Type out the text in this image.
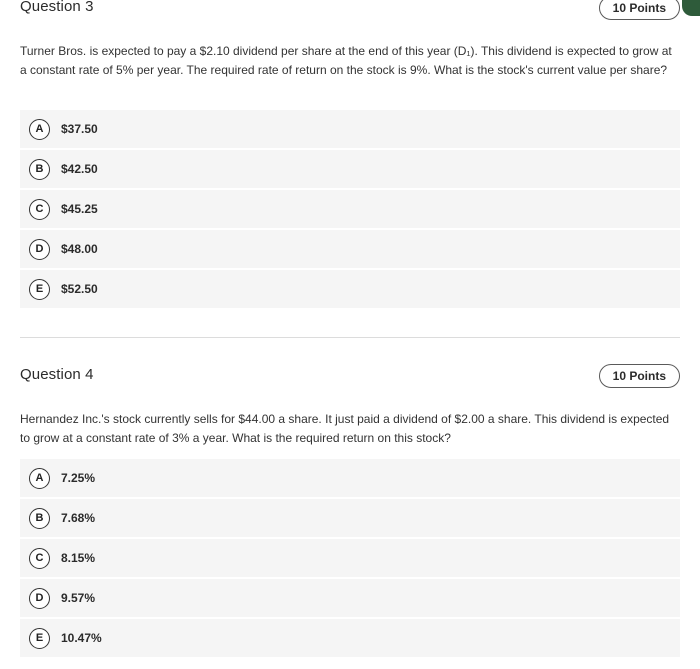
Question 3	10 Points

Turner Bros. is expected to pay a $2.10 dividend per share at the end of this year (D₁). This dividend is expected to grow at a constant rate of 5% per year. The required rate of return on the stock is 9%. What is the stock's current value per share?

A	$37.50
B	$42.50
C	$45.25
D	$48.00
E	$52.50
Question 4	10 Points

Hernandez Inc.'s stock currently sells for $44.00 a share. It just paid a dividend of $2.00 a share. This dividend is expected to grow at a constant rate of 3% a year. What is the required return on this stock?

A	7.25%
B	7.68%
C	8.15%
D	9.57%
E	10.47%
